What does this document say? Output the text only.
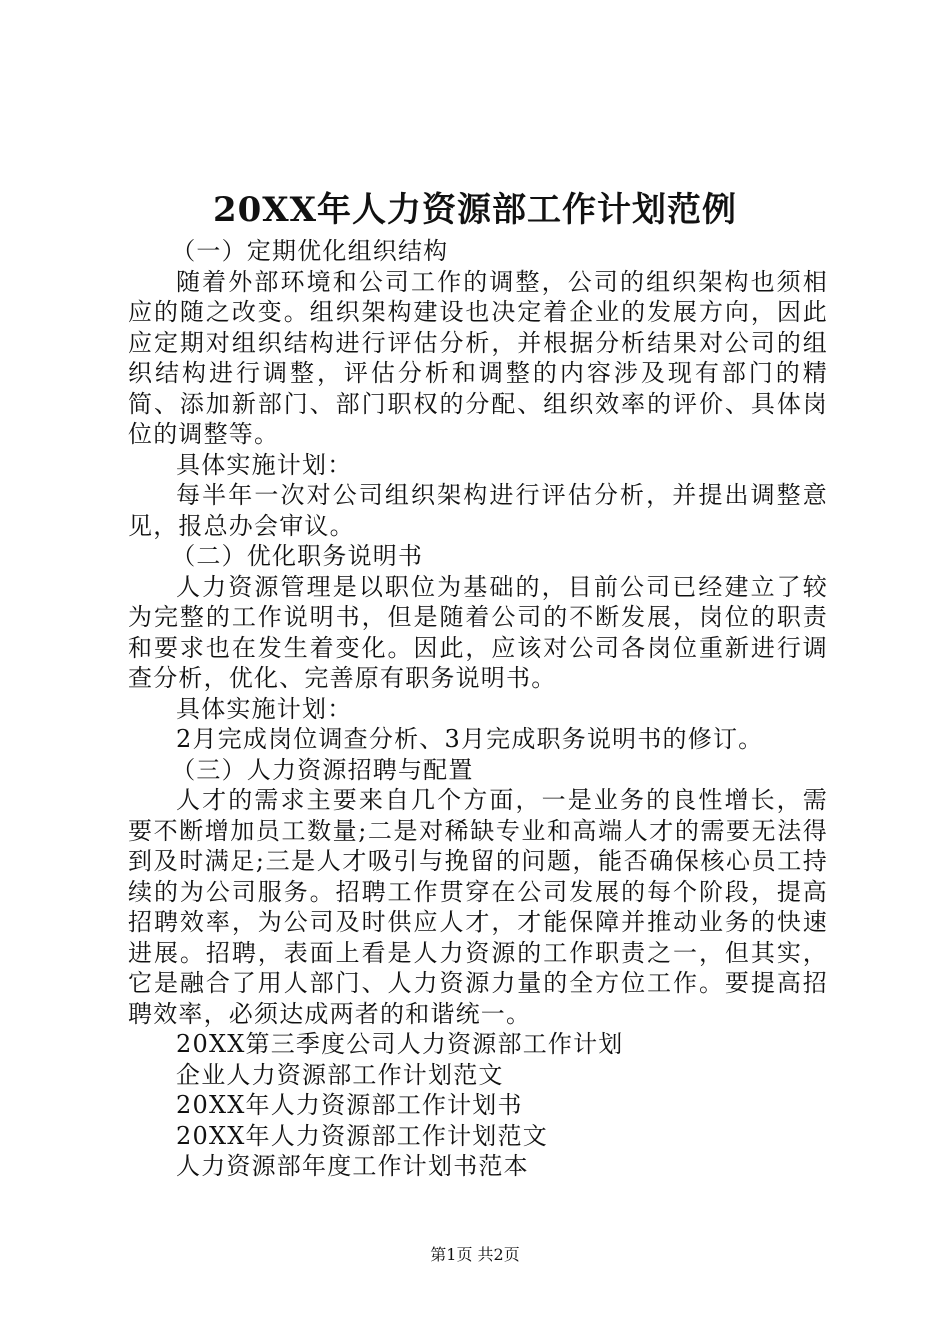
20XX年人力资源部工作计划范例

（一）定期优化组织结构

随着外部环境和公司工作的调整，公司的组织架构也须相应的随之改变。组织架构建设也决定着企业的发展方向，因此应定期对组织结构进行评估分析，并根据分析结果对公司的组织结构进行调整，评估分析和调整的内容涉及现有部门的精简、添加新部门、部门职权的分配、组织效率的评价、具体岗位的调整等。

具体实施计划：

每半年一次对公司组织架构进行评估分析，并提出调整意见，报总办会审议。

（二）优化职务说明书

人力资源管理是以职位为基础的，目前公司已经建立了较为完整的工作说明书，但是随着公司的不断发展，岗位的职责和要求也在发生着变化。因此，应该对公司各岗位重新进行调查分析，优化、完善原有职务说明书。

具体实施计划：

2月完成岗位调查分析、3月完成职务说明书的修订。

（三）人力资源招聘与配置

人才的需求主要来自几个方面，一是业务的良性增长，需要不断增加员工数量;二是对稀缺专业和高端人才的需要无法得到及时满足;三是人才吸引与挽留的问题，能否确保核心员工持续的为公司服务。招聘工作贯穿在公司发展的每个阶段，提高招聘效率，为公司及时供应人才，才能保障并推动业务的快速进展。招聘，表面上看是人力资源的工作职责之一，但其实，它是融合了用人部门、人力资源力量的全方位工作。要提高招聘效率，必须达成两者的和谐统一。

20XX第三季度公司人力资源部工作计划

企业人力资源部工作计划范文

20XX年人力资源部工作计划书

20XX年人力资源部工作计划范文

人力资源部年度工作计划书范本

第1页 共2页
